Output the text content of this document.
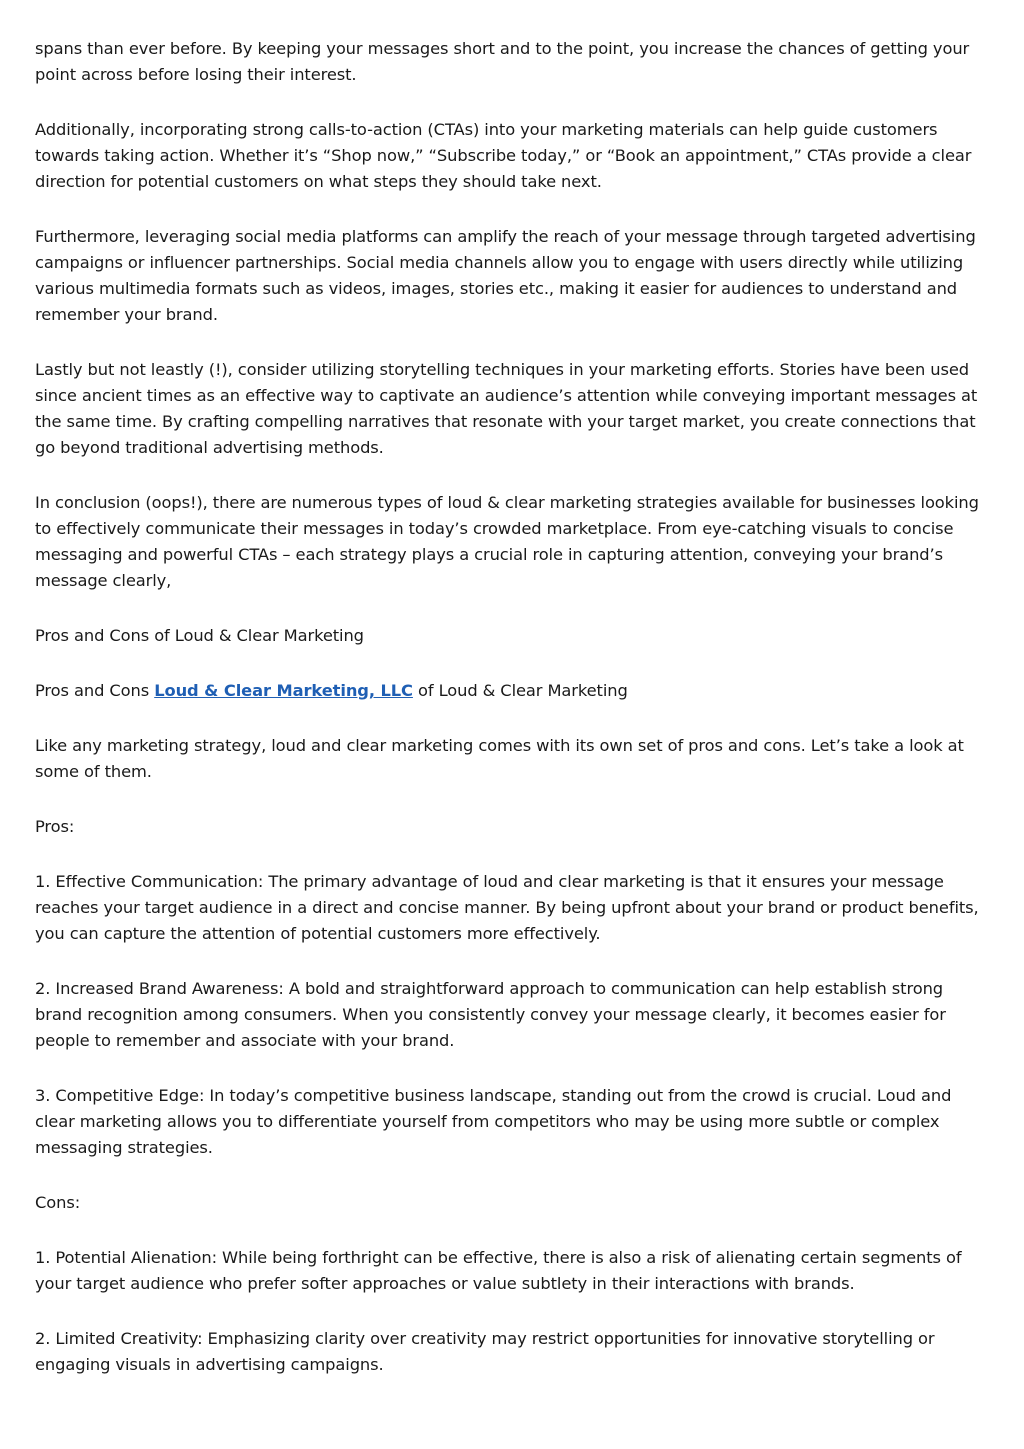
spans than ever before. By keeping your messages short and to the point, you increase the chances of getting your point across before losing their interest.

Additionally, incorporating strong calls-to-action (CTAs) into your marketing materials can help guide customers towards taking action. Whether it’s “Shop now,” “Subscribe today,” or “Book an appointment,” CTAs provide a clear direction for potential customers on what steps they should take next.

Furthermore, leveraging social media platforms can amplify the reach of your message through targeted advertising campaigns or influencer partnerships. Social media channels allow you to engage with users directly while utilizing various multimedia formats such as videos, images, stories etc., making it easier for audiences to understand and remember your brand.

Lastly but not leastly (!), consider utilizing storytelling techniques in your marketing efforts. Stories have been used since ancient times as an effective way to captivate an audience’s attention while conveying important messages at the same time. By crafting compelling narratives that resonate with your target market, you create connections that go beyond traditional advertising methods.

In conclusion (oops!), there are numerous types of loud & clear marketing strategies available for businesses looking to effectively communicate their messages in today’s crowded marketplace. From eye-catching visuals to concise messaging and powerful CTAs – each strategy plays a crucial role in capturing attention, conveying your brand’s message clearly,

Pros and Cons of Loud & Clear Marketing

Pros and Cons Loud & Clear Marketing, LLC of Loud & Clear Marketing

Like any marketing strategy, loud and clear marketing comes with its own set of pros and cons. Let’s take a look at some of them.

Pros:

1. Effective Communication: The primary advantage of loud and clear marketing is that it ensures your message reaches your target audience in a direct and concise manner. By being upfront about your brand or product benefits, you can capture the attention of potential customers more effectively.

2. Increased Brand Awareness: A bold and straightforward approach to communication can help establish strong brand recognition among consumers. When you consistently convey your message clearly, it becomes easier for people to remember and associate with your brand.

3. Competitive Edge: In today’s competitive business landscape, standing out from the crowd is crucial. Loud and clear marketing allows you to differentiate yourself from competitors who may be using more subtle or complex messaging strategies.

Cons:

1. Potential Alienation: While being forthright can be effective, there is also a risk of alienating certain segments of your target audience who prefer softer approaches or value subtlety in their interactions with brands.

2. Limited Creativity: Emphasizing clarity over creativity may restrict opportunities for innovative storytelling or engaging visuals in advertising campaigns.
